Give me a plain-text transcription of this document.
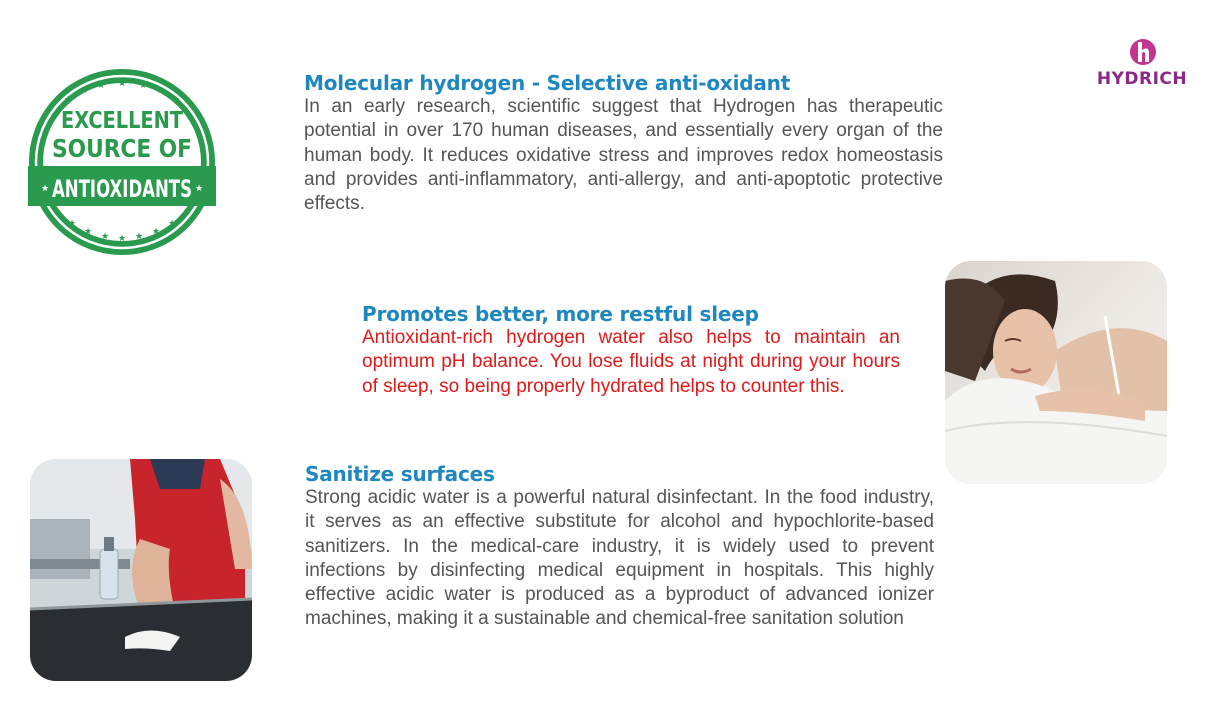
★
★ ★ ★ ★ ★
★
EXCELLENT
SOURCE OF
★	★
ANTIOXIDANTS
★
★ ★ ★ ★ ★
★
HYDRICH
Molecular hydrogen - Selective anti-oxidant

In an early research, scientific suggest that Hydrogen has therapeutic potential in over 170 human diseases, and essentially every organ of the human body. It reduces oxidative stress and improves redox homeostasis and provides anti-inflammatory, anti-allergy, and anti-apoptotic protective effects.

Promotes better, more restful sleep

Antioxidant-rich hydrogen water also helps to maintain an optimum pH balance. You lose fluids at night during your hours of sleep, so being properly hydrated helps to counter this.

Sanitize surfaces

Strong acidic water is a powerful natural disinfectant. In the food industry, it serves as an effective substitute for alcohol and hypochlorite-based sanitizers. In the medical-care industry, it is widely used to prevent infections by disinfecting medical equipment in hospitals. This highly effective acidic water is produced as a byproduct of advanced ionizer machines, making it a sustainable and chemical-free sanitation solution
